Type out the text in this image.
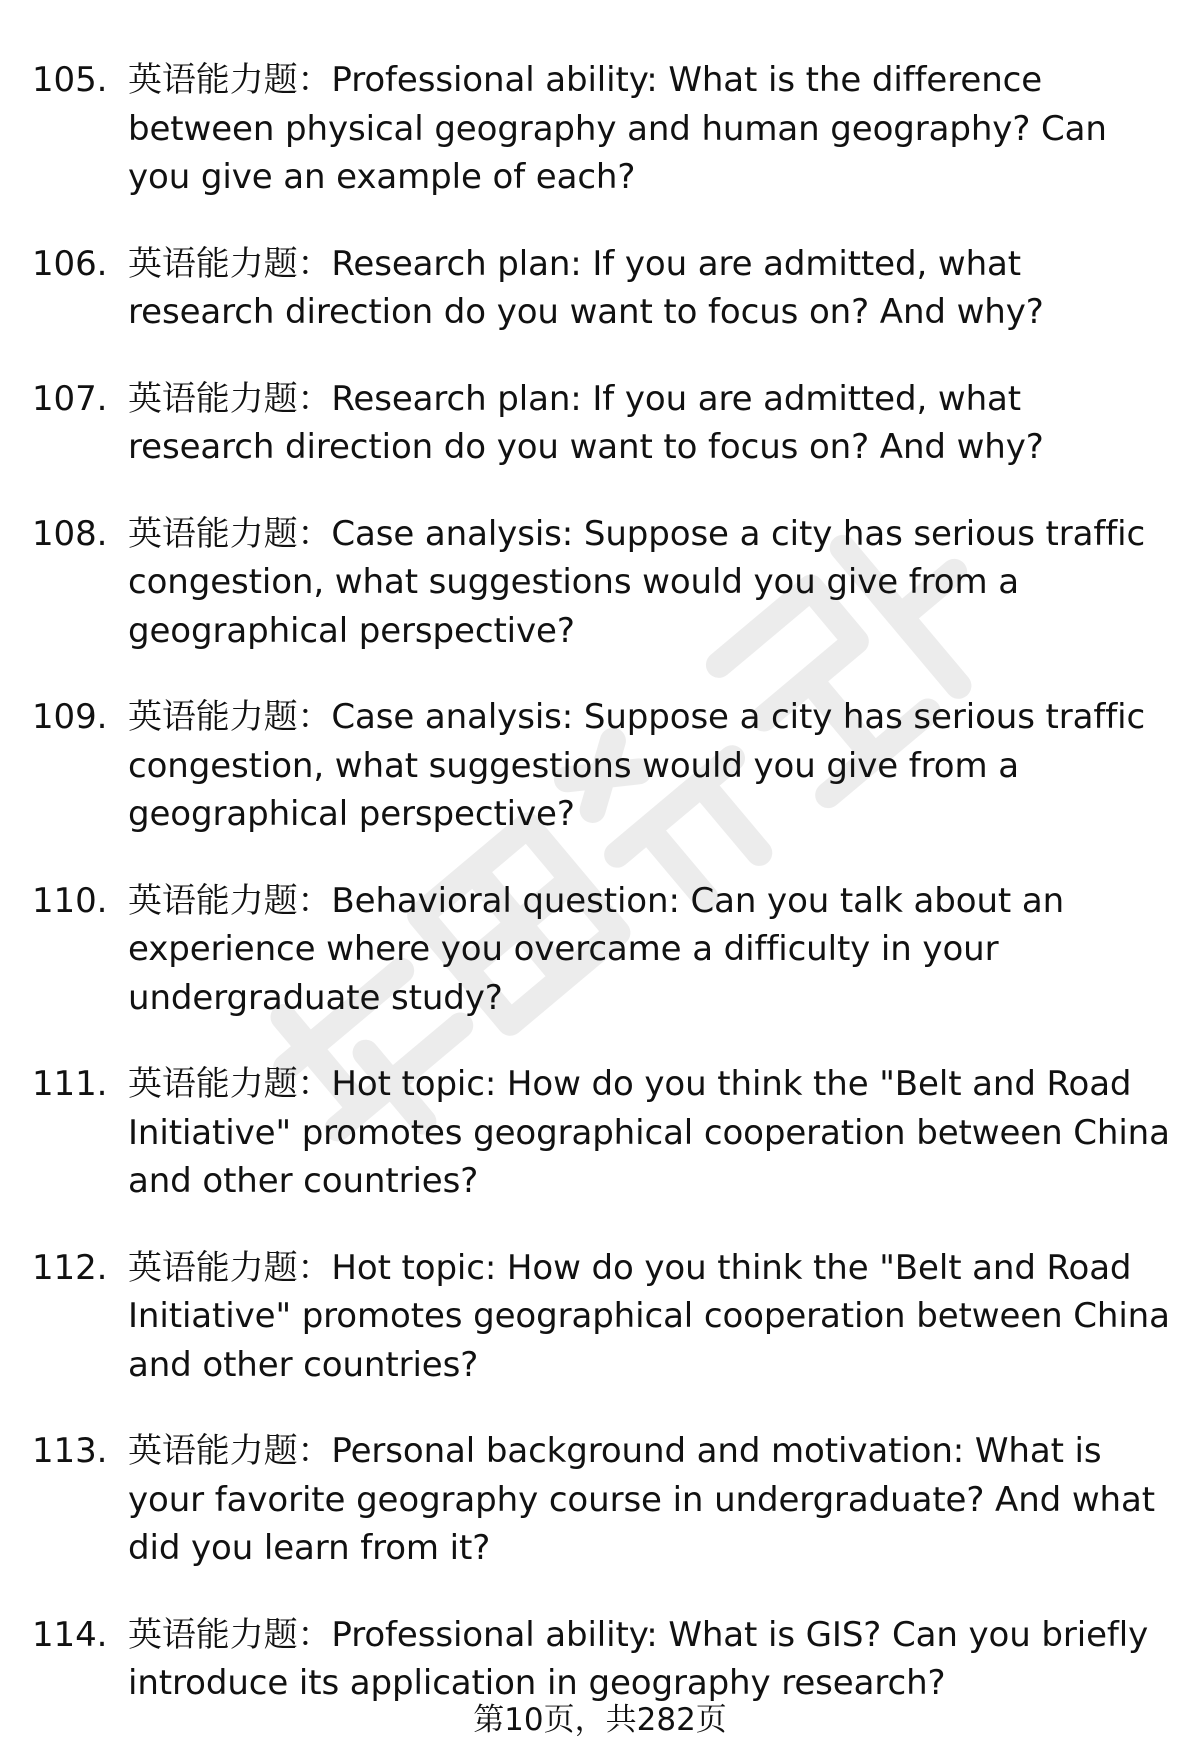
105. 英语能力题：Professional ability: What is the difference between physical geography and human geography? Can you give an example of each?
106. 英语能力题：Research plan: If you are admitted, what research direction do you want to focus on? And why?
107. 英语能力题：Research plan: If you are admitted, what research direction do you want to focus on? And why?
108. 英语能力题：Case analysis: Suppose a city has serious traffic congestion, what suggestions would you give from a geographical perspective?
109. 英语能力题：Case analysis: Suppose a city has serious traffic congestion, what suggestions would you give from a geographical perspective?
110. 英语能力题：Behavioral question: Can you talk about an experience where you overcame a difficulty in your undergraduate study?
111. 英语能力题：Hot topic: How do you think the "Belt and Road Initiative" promotes geographical cooperation between China and other countries?
112. 英语能力题：Hot topic: How do you think the "Belt and Road Initiative" promotes geographical cooperation between China and other countries?
113. 英语能力题：Personal background and motivation: What is your favorite geography course in undergraduate? And what did you learn from it?
114. 英语能力题：Professional ability: What is GIS? Can you briefly introduce its application in geography research?
第10页，共282页
